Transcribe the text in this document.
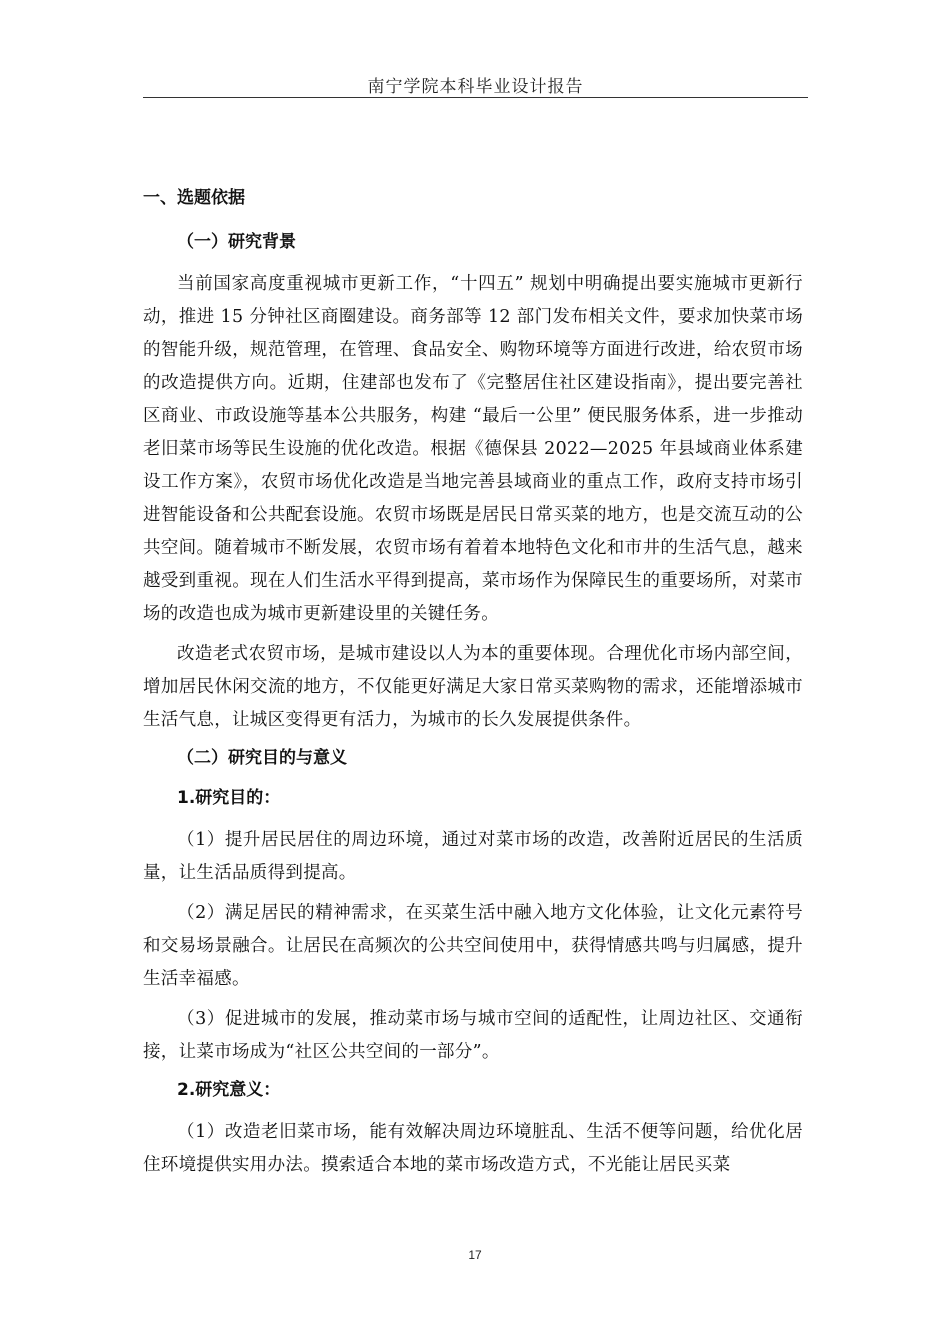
南宁学院本科毕业设计报告
一、选题依据
（一）研究背景

当前国家高度重视城市更新工作，“十四五” 规划中明确提出要实施城市更新行动，推进 15 分钟社区商圈建设。商务部等 12 部门发布相关文件，要求加快菜市场的智能升级，规范管理，在管理、食品安全、购物环境等方面进行改进，给农贸市场的改造提供方向。近期，住建部也发布了《完整居住社区建设指南》，提出要完善社区商业、市政设施等基本公共服务，构建 “最后一公里” 便民服务体系，进一步推动老旧菜市场等民生设施的优化改造。根据《德保县 2022—2025 年县域商业体系建设工作方案》，农贸市场优化改造是当地完善县域商业的重点工作，政府支持市场引进智能设备和公共配套设施。农贸市场既是居民日常买菜的地方，也是交流互动的公共空间。随着城市不断发展，农贸市场有着着本地特色文化和市井的生活气息，越来越受到重视。现在人们生活水平得到提高，菜市场作为保障民生的重要场所，对菜市场的改造也成为城市更新建设里的关键任务。

改造老式农贸市场，是城市建设以人为本的重要体现。合理优化市场内部空间，增加居民休闲交流的地方，不仅能更好满足大家日常买菜购物的需求，还能增添城市生活气息，让城区变得更有活力，为城市的长久发展提供条件。

（二）研究目的与意义
1.研究目的：

（1）提升居民居住的周边环境，通过对菜市场的改造，改善附近居民的生活质量，让生活品质得到提高。

（2）满足居民的精神需求，在买菜生活中融入地方文化体验，让文化元素符号和交易场景融合。让居民在高频次的公共空间使用中，获得情感共鸣与归属感，提升生活幸福感。

（3）促进城市的发展，推动菜市场与城市空间的适配性，让周边社区、交通衔接，让菜市场成为“社区公共空间的一部分”。

2.研究意义：

（1）改造老旧菜市场，能有效解决周边环境脏乱、生活不便等问题，给优化居住环境提供实用办法。摸索适合本地的菜市场改造方式，不光能让居民买菜

17
